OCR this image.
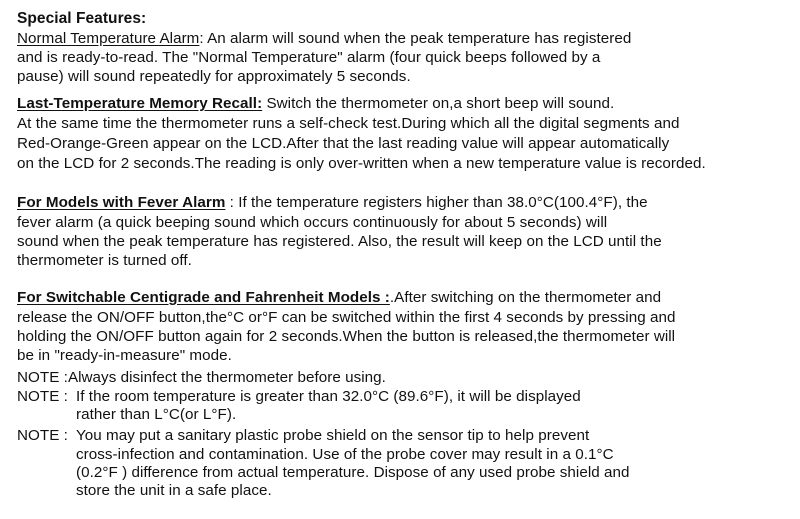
Special Features:
Normal Temperature Alarm: An alarm will sound when the peak temperature has registered
and is ready-to-read. The "Normal Temperature" alarm (four quick beeps followed by a
pause) will sound repeatedly for approximately 5 seconds.
Last-Temperature Memory Recall: Switch the thermometer on,a short beep will sound.
At the same time the thermometer runs a self-check test.During which all the digital segments and
Red-Orange-Green appear on the LCD.After that the last reading value will appear automatically
on the LCD for 2 seconds.The reading is only over-written when a new temperature value is recorded.
For Models with Fever Alarm : If the temperature registers higher than 38.0°C(100.4°F), the
fever alarm (a quick beeping sound which occurs continuously for about 5 seconds) will
sound when the peak temperature has registered. Also, the result will keep on the LCD until the
thermometer is turned off.
For Switchable Centigrade and Fahrenheit Models :.After switching on the thermometer and
release the ON/OFF button,the°C or°F can be switched within the first 4 seconds by pressing and
holding the ON/OFF button again for 2 seconds.When the button is released,the thermometer will
be in "ready-in-measure" mode.
NOTE :Always disinfect the thermometer before using.
NOTE : If the room temperature is greater than 32.0°C (89.6°F), it will be displayed
rather than L°C(or L°F).
NOTE : You may put a sanitary plastic probe shield on the sensor tip to help prevent
cross-infection and contamination. Use of the probe cover may result in a 0.1°C
(0.2°F ) difference from actual temperature. Dispose of any used probe shield and
store the unit in a safe place.
